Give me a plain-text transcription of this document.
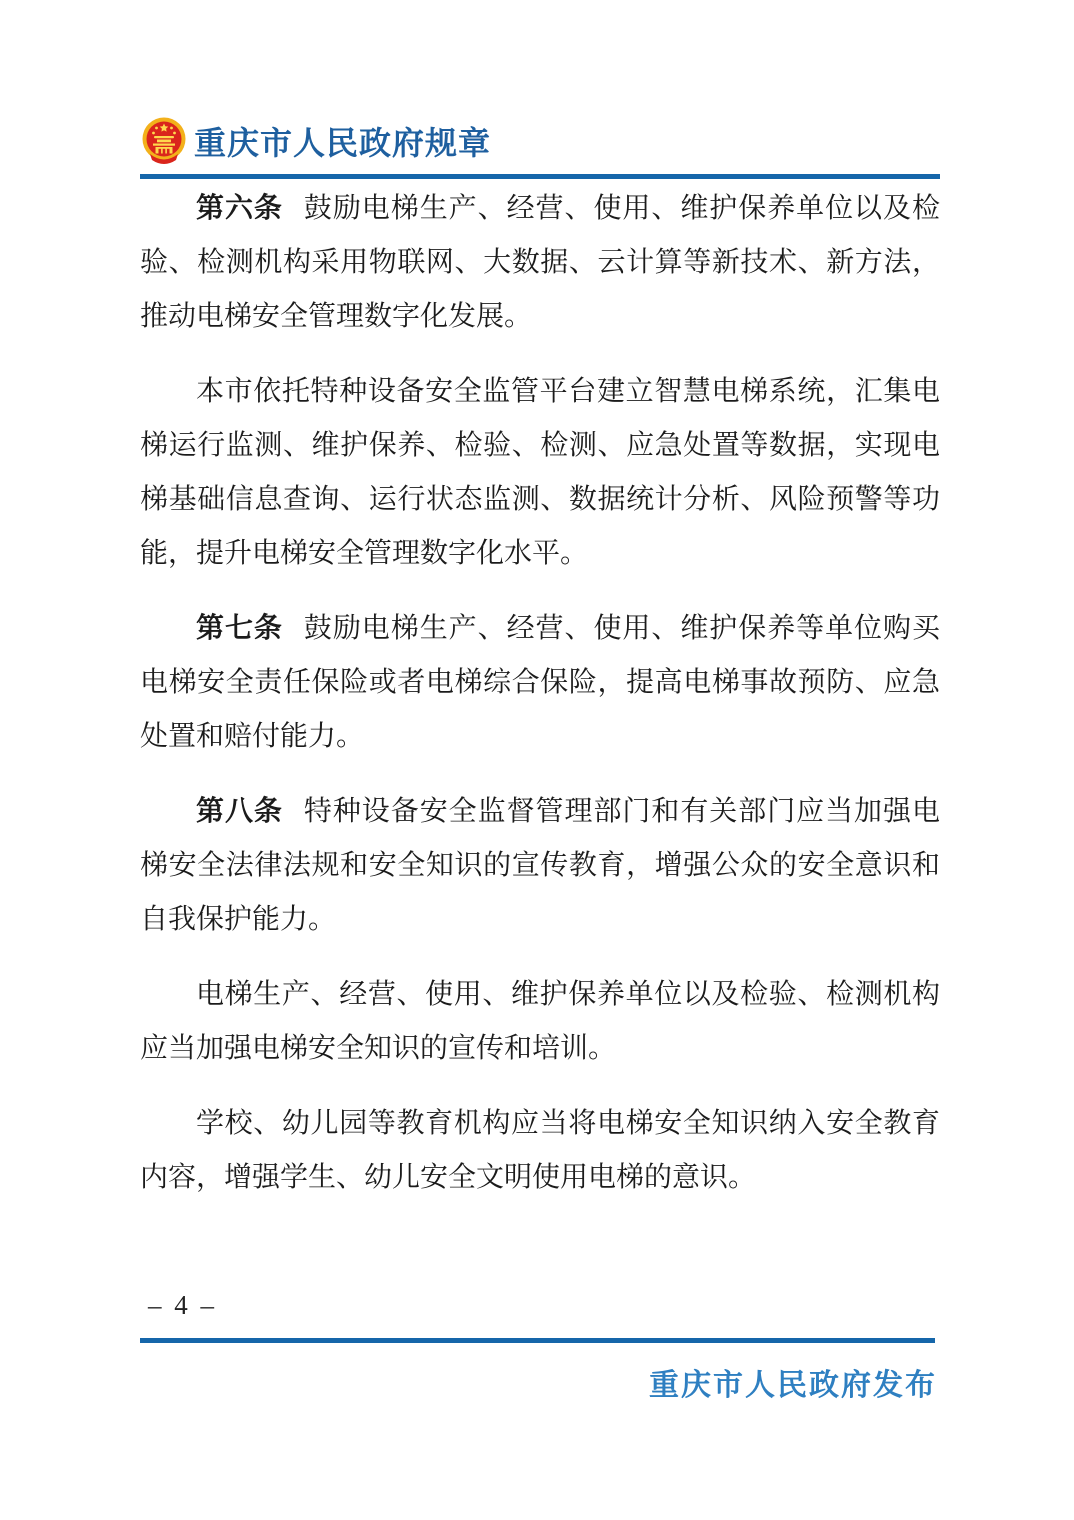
重庆市人民政府规章

第六条 鼓励电梯生产、经营、使用、维护保养单位以及检验、检测机构采用物联网、大数据、云计算等新技术、新方法，推动电梯安全管理数字化发展。

本市依托特种设备安全监管平台建立智慧电梯系统，汇集电梯运行监测、维护保养、检验、检测、应急处置等数据，实现电梯基础信息查询、运行状态监测、数据统计分析、风险预警等功能，提升电梯安全管理数字化水平。

第七条 鼓励电梯生产、经营、使用、维护保养等单位购买电梯安全责任保险或者电梯综合保险，提高电梯事故预防、应急处置和赔付能力。

第八条 特种设备安全监督管理部门和有关部门应当加强电梯安全法律法规和安全知识的宣传教育，增强公众的安全意识和自我保护能力。

电梯生产、经营、使用、维护保养单位以及检验、检测机构应当加强电梯安全知识的宣传和培训。

学校、幼儿园等教育机构应当将电梯安全知识纳入安全教育内容，增强学生、幼儿安全文明使用电梯的意识。

– 4 –
重庆市人民政府发布
